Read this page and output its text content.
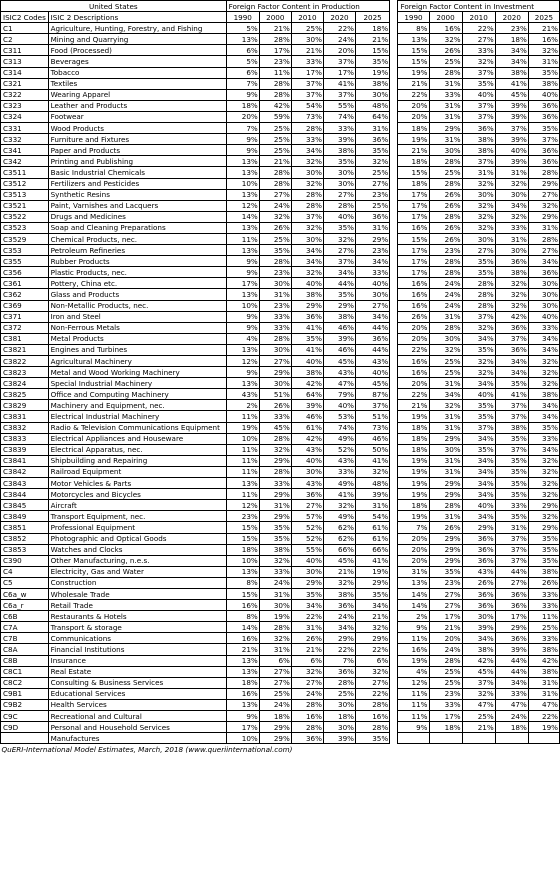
United States		Foreign Factor Content in Production						Foreign Factor Content in Investment				
ISIC2 Codes	ISIC 2 Descriptions	1990	2000	2010	2020	2025		1990	2000	2010	2020	2025
C1	Agriculture, Hunting, Forestry, and Fishing	5%	21%	25%	22%	18%		8%	16%	22%	23%	21%
C2	Mining and Quarrying	13%	28%	30%	24%	21%		13%	32%	27%	18%	16%
C311	Food (Processed)	6%	17%	21%	20%	15%		15%	26%	33%	34%	32%
C313	Beverages	5%	23%	33%	37%	35%		15%	25%	32%	34%	31%
C314	Tobacco	6%	11%	17%	17%	19%		19%	28%	37%	38%	35%
C321	Textiles	7%	28%	37%	41%	38%		21%	31%	35%	41%	38%
C322	Wearing Apparel	9%	28%	37%	37%	30%		22%	33%	40%	45%	40%
C323	Leather and Products	18%	42%	54%	55%	48%		20%	31%	37%	39%	36%
C324	Footwear	20%	59%	73%	74%	64%		20%	31%	37%	39%	36%
C331	Wood Products	7%	25%	28%	33%	31%		18%	29%	36%	37%	35%
C332	Furniture and Fixtures	9%	25%	33%	39%	36%		19%	31%	38%	39%	37%
C341	Paper and Products	9%	25%	34%	38%	35%		21%	30%	38%	40%	36%
C342	Printing and Publishing	13%	21%	32%	35%	32%		18%	28%	37%	39%	36%
C3511	Basic Industrial Chemicals	13%	28%	30%	30%	25%		15%	25%	31%	31%	28%
C3512	Fertilizers and Pesticides	10%	28%	32%	30%	27%		18%	28%	32%	32%	29%
C3513	Synthetic Resins	13%	27%	28%	27%	23%		17%	26%	30%	30%	27%
C3521	Paint, Varnishes and Lacquers	12%	24%	28%	28%	25%		17%	26%	32%	34%	32%
C3522	Drugs and Medicines	14%	32%	37%	40%	36%		17%	28%	32%	32%	29%
C3523	Soap and Cleaning Preparations	13%	26%	32%	35%	31%		16%	26%	32%	33%	31%
C3529	Chemical Products, nec.	11%	25%	30%	32%	29%		15%	26%	30%	31%	28%
C353	Petroleum Refineries	13%	35%	34%	27%	23%		17%	23%	27%	30%	27%
C355	Rubber Products	9%	28%	34%	37%	34%		17%	28%	35%	36%	34%
C356	Plastic Products, nec.	9%	23%	32%	34%	33%		17%	28%	35%	38%	36%
C361	Pottery, China etc.	17%	30%	40%	44%	40%		16%	24%	28%	32%	30%
C362	Glass and Products	13%	31%	38%	35%	30%		16%	24%	28%	32%	30%
C369	Non-Metallic Products, nec.	10%	23%	29%	29%	27%		16%	24%	28%	32%	30%
C371	Iron and Steel	9%	33%	36%	38%	34%		26%	31%	37%	42%	40%
C372	Non-Ferrous Metals	9%	33%	41%	46%	44%		20%	28%	32%	36%	33%
C381	Metal Products	4%	28%	35%	39%	36%		20%	30%	34%	37%	34%
C3821	Engines and Turbines	13%	30%	41%	46%	44%		22%	32%	35%	36%	34%
C3822	Agricultural Machinery	12%	27%	40%	45%	43%		16%	25%	32%	34%	32%
C3823	Metal and Wood Working Machinery	9%	29%	38%	43%	40%		16%	25%	32%	34%	32%
C3824	Special Industrial Machinery	13%	30%	42%	47%	45%		20%	31%	34%	35%	32%
C3825	Office and Computing Machinery	43%	51%	64%	79%	87%		22%	34%	40%	41%	38%
C3829	Machinery and Equipment, nec.	2%	26%	39%	40%	37%		21%	32%	35%	37%	34%
C3831	Electrical Industrial Machinery	11%	33%	46%	53%	51%		19%	31%	35%	37%	34%
C3832	Radio & Television Communications Equipment	19%	45%	61%	74%	73%		18%	31%	37%	38%	35%
C3833	Electrical Appliances and Houseware	10%	28%	42%	49%	46%		18%	29%	34%	35%	33%
C3839	Electrical Apparatus, nec.	11%	32%	43%	52%	50%		18%	30%	35%	37%	34%
C3841	Shipbuilding and Repairing	11%	29%	40%	43%	41%		19%	31%	34%	35%	32%
C3842	Railroad Equipment	11%	28%	30%	33%	32%		19%	31%	34%	35%	32%
C3843	Motor Vehicles & Parts	13%	33%	43%	49%	48%		19%	29%	34%	35%	32%
C3844	Motorcycles and Bicycles	11%	29%	36%	41%	39%		19%	29%	34%	35%	32%
C3845	Aircraft	12%	31%	27%	32%	31%		18%	28%	40%	33%	29%
C3849	Transport Equipment, nec.	23%	29%	57%	49%	54%		19%	31%	34%	35%	32%
C3851	Professional Equipment	15%	35%	52%	62%	61%		7%	26%	29%	31%	29%
C3852	Photographic and Optical Goods	15%	35%	52%	62%	61%		20%	29%	36%	37%	35%
C3853	Watches and Clocks	18%	38%	55%	66%	66%		20%	29%	36%	37%	35%
C390	Other Manufacturing, n.e.s.	10%	32%	40%	45%	41%		20%	29%	36%	37%	35%
C4	Electricity, Gas and Water	13%	33%	30%	21%	19%		31%	35%	43%	44%	38%
C5	Construction	8%	24%	29%	32%	29%		13%	23%	26%	27%	26%
C6a_w	Wholesale Trade	15%	31%	35%	38%	35%		14%	27%	36%	36%	33%
C6a_r	Retail Trade	16%	30%	34%	36%	34%		14%	27%	36%	36%	33%
C6B	Restaurants & Hotels	8%	19%	22%	24%	21%		2%	17%	30%	17%	11%
C7A	Transport & storage	14%	28%	31%	34%	32%		9%	21%	39%	29%	25%
C7B	Communications	16%	32%	26%	29%	29%		11%	20%	34%	36%	33%
C8A	Financial Institutions	21%	31%	21%	22%	22%		16%	24%	38%	39%	38%
C8B	Insurance	13%	6%	6%	7%	6%		19%	28%	42%	44%	42%
C8C1	Real Estate	13%	27%	32%	36%	32%		4%	25%	45%	44%	38%
C8C2	Consulting & Business Services	18%	27%	27%	28%	27%		12%	25%	37%	34%	31%
C9B1	Educational Services	16%	25%	24%	25%	22%		11%	23%	32%	33%	31%
C9B2	Health Services	13%	24%	28%	30%	28%		11%	33%	47%	47%	47%
C9C	Recreational and Cultural	9%	18%	16%	18%	16%		11%	17%	25%	24%	22%
C9D	Personal and Household Services	17%	29%	28%	30%	28%		9%	18%	21%	18%	19%
	Manufactures	10%	29%	36%	39%	35%						
QuERI-International Model Estimates, March, 2018 (www.queriinternational.com)												
